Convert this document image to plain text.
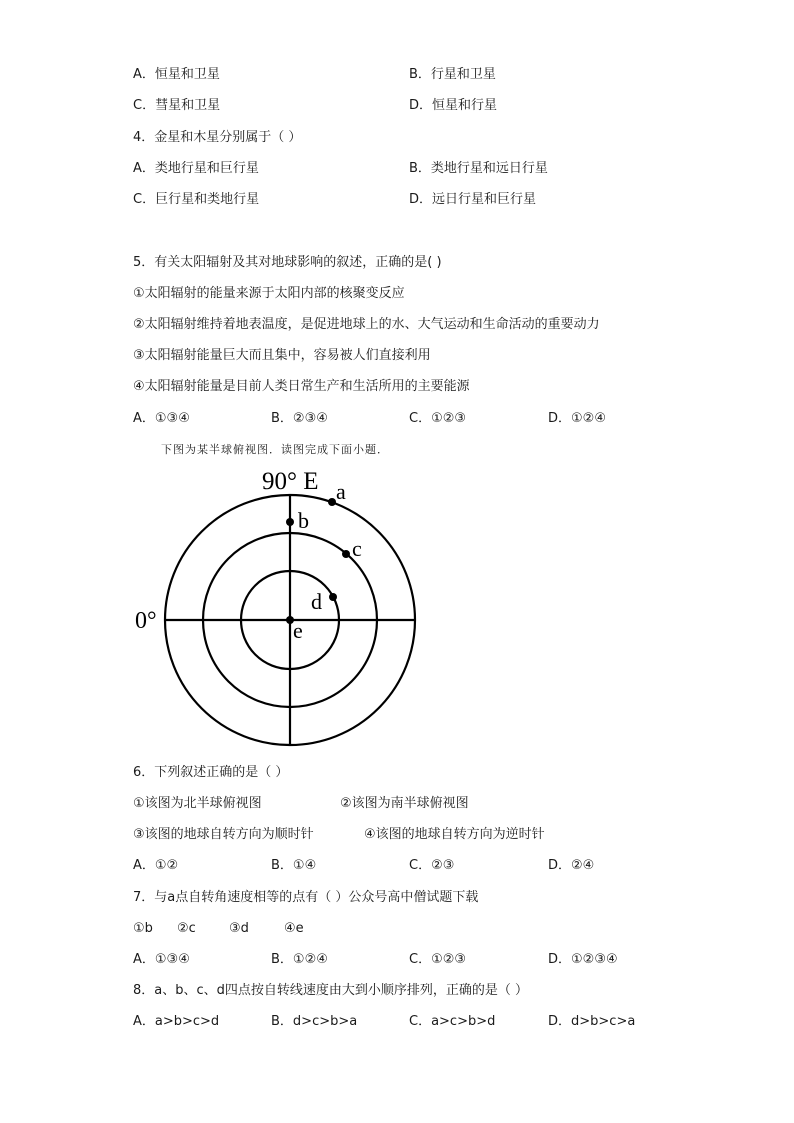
A．恒星和卫星	B．行星和卫星
C．彗星和卫星	D．恒星和行星
4．金星和木星分别属于（ ）
A．类地行星和巨行星	B．类地行星和远日行星
C．巨行星和类地行星	D．远日行星和巨行星
5．有关太阳辐射及其对地球影响的叙述，正确的是( )
①太阳辐射的能量来源于太阳内部的核聚变反应
②太阳辐射维持着地表温度，是促进地球上的水、大气运动和生命活动的重要动力
③太阳辐射能量巨大而且集中，容易被人们直接利用
④太阳辐射能量是目前人类日常生产和生活所用的主要能源
A．①③④	B．②③④	C．①②③	D．①②④
下图为某半球俯视图．读图完成下面小题．
90° E a
b
c
d
e
0°
6．下列叙述正确的是（ ）
①该图为北半球俯视图	②该图为南半球俯视图
③该图的地球自转方向为顺时针	④该图的地球自转方向为逆时针
A．①②	B．①④	C．②③	D．②④
7．与a点自转角速度相等的点有（ ）公众号高中僧试题下载
①b ②c	③d	④e
A．①③④	B．①②④	C．①②③	D．①②③④
8．a、b、c、d四点按自转线速度由大到小顺序排列，正确的是（ ）
A．a>b>c>d	B．d>c>b>a	C．a>c>b>d	D．d>b>c>a
